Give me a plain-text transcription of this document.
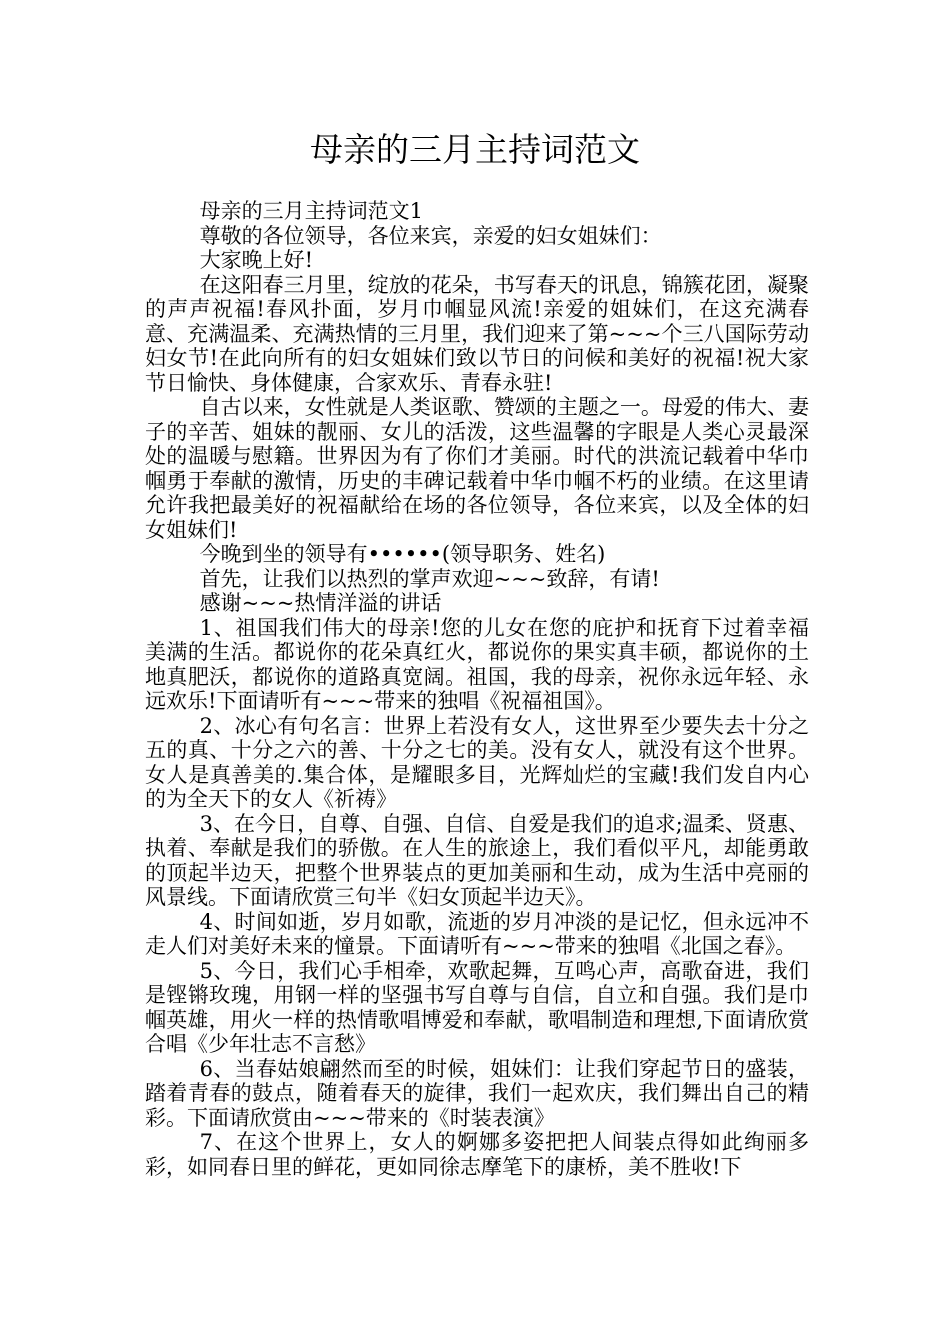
母亲的三月主持词范文

母亲的三月主持词范文1

尊敬的各位领导，各位来宾，亲爱的妇女姐妹们：

大家晚上好!

在这阳春三月里，绽放的花朵，书写春天的讯息，锦簇花团，凝聚的声声祝福!春风扑面，岁月巾帼显风流!亲爱的姐妹们，在这充满春意、充满温柔、充满热情的三月里，我们迎来了第~~~个三八国际劳动妇女节!在此向所有的妇女姐妹们致以节日的问候和美好的祝福!祝大家节日愉快、身体健康，合家欢乐、青春永驻!

自古以来，女性就是人类讴歌、赞颂的主题之一。母爱的伟大、妻子的辛苦、姐妹的靓丽、女儿的活泼，这些温馨的字眼是人类心灵最深处的温暖与慰籍。世界因为有了你们才美丽。时代的洪流记载着中华巾帼勇于奉献的激情，历史的丰碑记载着中华巾帼不朽的业绩。在这里请允许我把最美好的祝福献给在场的各位领导，各位来宾，以及全体的妇女姐妹们!

今晚到坐的领导有••••••(领导职务、姓名)

首先，让我们以热烈的掌声欢迎~~~致辞，有请!

感谢~~~热情洋溢的讲话

1、祖国我们伟大的母亲!您的儿女在您的庇护和抚育下过着幸福美满的生活。都说你的花朵真红火，都说你的果实真丰硕，都说你的土地真肥沃，都说你的道路真宽阔。祖国，我的母亲，祝你永远年轻、永远欢乐!下面请听有~~~带来的独唱《祝福祖国》。

2、冰心有句名言：世界上若没有女人，这世界至少要失去十分之五的真、十分之六的善、十分之七的美。没有女人，就没有这个世界。女人是真善美的.集合体，是耀眼多目，光辉灿烂的宝藏!我们发自内心的为全天下的女人《祈祷》

3、在今日，自尊、自强、自信、自爱是我们的追求;温柔、贤惠、执着、奉献是我们的骄傲。在人生的旅途上，我们看似平凡，却能勇敢的顶起半边天，把整个世界装点的更加美丽和生动，成为生活中亮丽的风景线。下面请欣赏三句半《妇女顶起半边天》。

4、时间如逝，岁月如歌，流逝的岁月冲淡的是记忆，但永远冲不走人们对美好未来的憧景。下面请听有~~~带来的独唱《北国之春》。

5、今日，我们心手相牵，欢歌起舞，互鸣心声，高歌奋进，我们是铿锵玫瑰，用钢一样的坚强书写自尊与自信，自立和自强。我们是巾帼英雄，用火一样的热情歌唱博爱和奉献，歌唱制造和理想,下面请欣赏合唱《少年壮志不言愁》

6、当春姑娘翩然而至的时候，姐妹们：让我们穿起节日的盛装，踏着青春的鼓点，随着春天的旋律，我们一起欢庆，我们舞出自己的精彩。下面请欣赏由~~~带来的《时装表演》

7、在这个世界上，女人的婀娜多姿把把人间装点得如此绚丽多彩，如同春日里的鲜花，更如同徐志摩笔下的康桥，美不胜收!下
